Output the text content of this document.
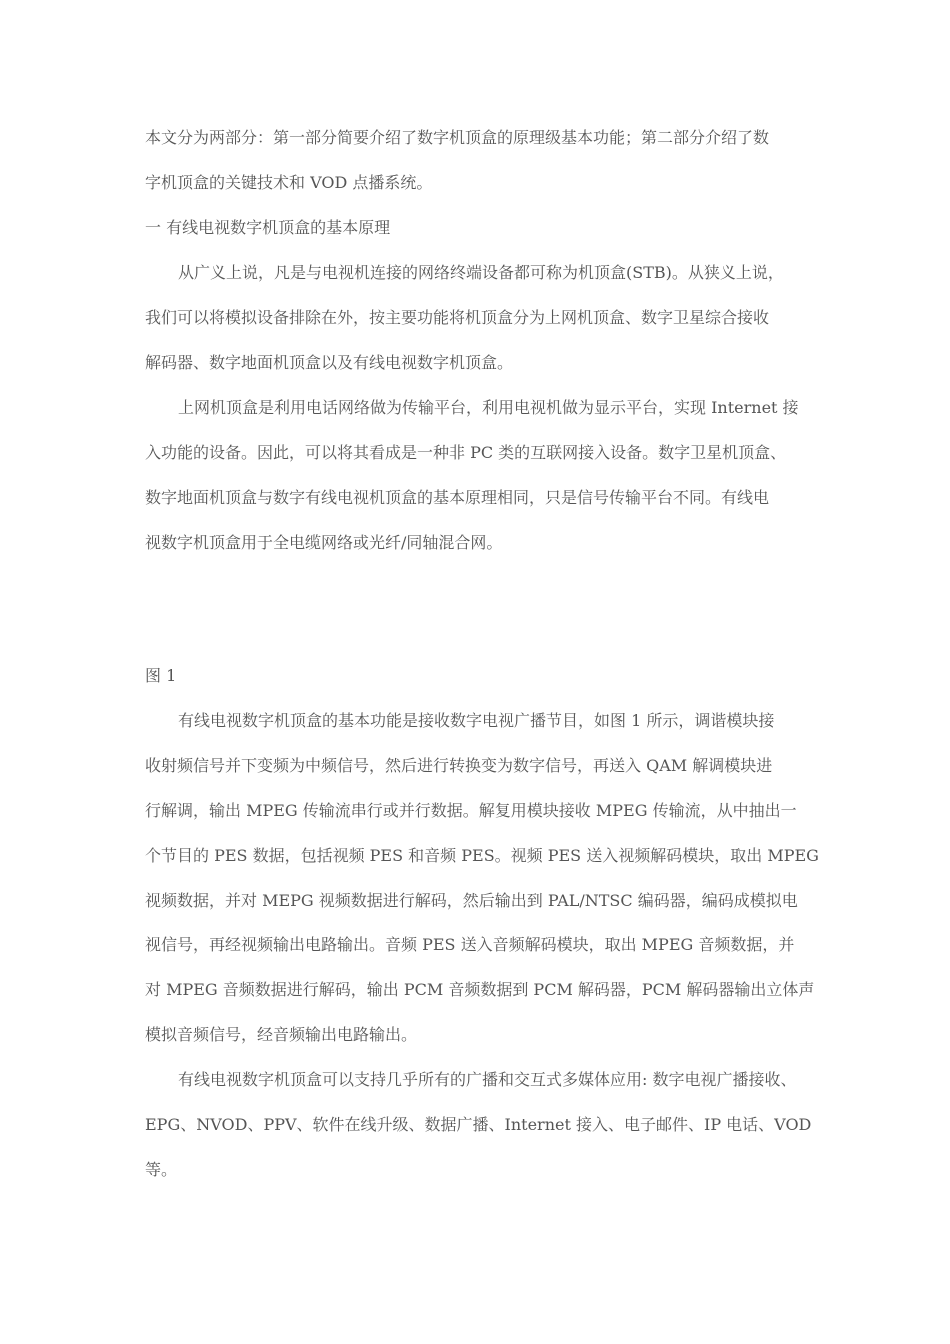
本文分为两部分：第一部分简要介绍了数字机顶盒的原理级基本功能；第二部分介绍了数
字机顶盒的关键技术和 VOD 点播系统。
一 有线电视数字机顶盒的基本原理
从广义上说，凡是与电视机连接的网络终端设备都可称为机顶盒(STB)。从狭义上说，
我们可以将模拟设备排除在外，按主要功能将机顶盒分为上网机顶盒、数字卫星综合接收
解码器、数字地面机顶盒以及有线电视数字机顶盒。
上网机顶盒是利用电话网络做为传输平台，利用电视机做为显示平台，实现 Internet 接
入功能的设备。因此，可以将其看成是一种非 PC 类的互联网接入设备。数字卫星机顶盒、
数字地面机顶盒与数字有线电视机顶盒的基本原理相同，只是信号传输平台不同。有线电
视数字机顶盒用于全电缆网络或光纤/同轴混合网。
图 1
有线电视数字机顶盒的基本功能是接收数字电视广播节目，如图 1 所示，调谐模块接
收射频信号并下变频为中频信号，然后进行转换变为数字信号，再送入 QAM 解调模块进
行解调，输出 MPEG 传输流串行或并行数据。解复用模块接收 MPEG 传输流，从中抽出一
个节目的 PES 数据，包括视频 PES 和音频 PES。视频 PES 送入视频解码模块，取出 MPEG
视频数据，并对 MEPG 视频数据进行解码，然后输出到 PAL/NTSC 编码器，编码成模拟电
视信号，再经视频输出电路输出。音频 PES 送入音频解码模块，取出 MPEG 音频数据，并
对 MPEG 音频数据进行解码，输出 PCM 音频数据到 PCM 解码器，PCM 解码器输出立体声
模拟音频信号，经音频输出电路输出。
有线电视数字机顶盒可以支持几乎所有的广播和交互式多媒体应用: 数字电视广播接收、
EPG、NVOD、PPV、软件在线升级、数据广播、Internet 接入、电子邮件、IP 电话、VOD
等。
